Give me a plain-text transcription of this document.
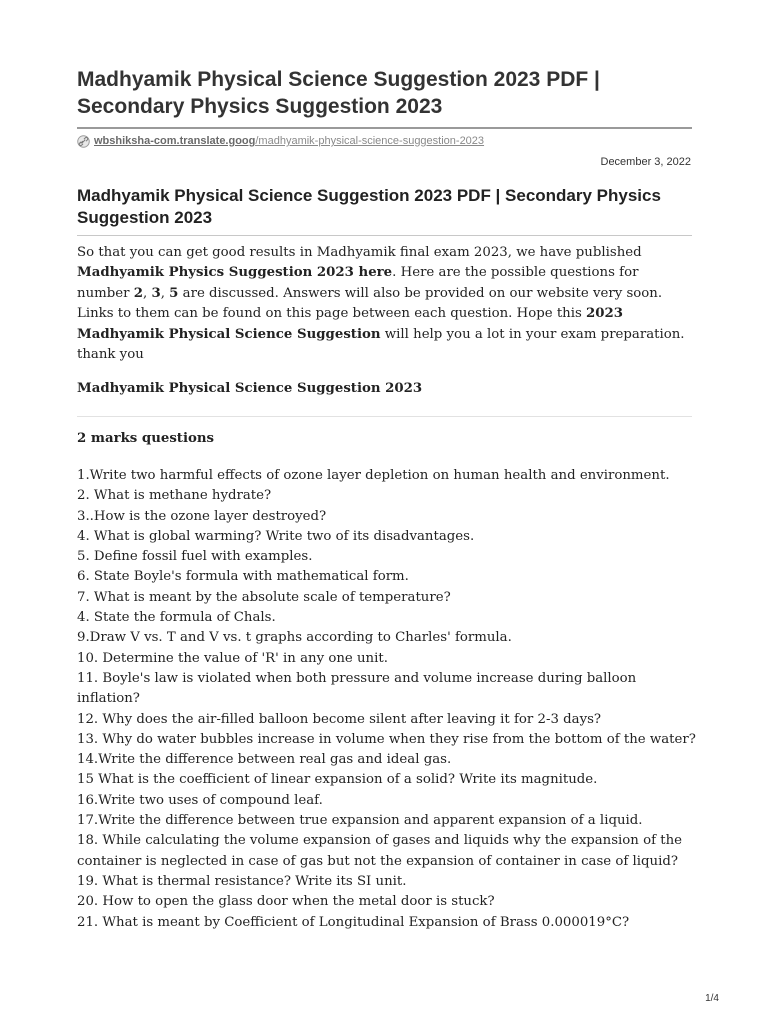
Madhyamik Physical Science Suggestion 2023 PDF | Secondary Physics Suggestion 2023
wbshiksha-com.translate.goog /madhyamik-physical-science-suggestion-2023
December 3, 2022
Madhyamik Physical Science Suggestion 2023 PDF | Secondary Physics Suggestion 2023

So that you can get good results in Madhyamik final exam 2023, we have published Madhyamik Physics Suggestion 2023 here. Here are the possible questions for number 2, 3, 5 are discussed. Answers will also be provided on our website very soon. Links to them can be found on this page between each question. Hope this 2023 Madhyamik Physical Science Suggestion will help you a lot in your exam preparation. thank you

Madhyamik Physical Science Suggestion 2023
2 marks questions
1.Write two harmful effects of ozone layer depletion on human health and environment.
2. What is methane hydrate?
3..How is the ozone layer destroyed?
4. What is global warming? Write two of its disadvantages.
5. Define fossil fuel with examples.
6. State Boyle's formula with mathematical form.
7. What is meant by the absolute scale of temperature?
4. State the formula of Chals.
9.Draw V vs. T and V vs. t graphs according to Charles' formula.
10. Determine the value of 'R' in any one unit.
11. Boyle's law is violated when both pressure and volume increase during balloon inflation?
12. Why does the air-filled balloon become silent after leaving it for 2-3 days?
13. Why do water bubbles increase in volume when they rise from the bottom of the water?
14.Write the difference between real gas and ideal gas.
15 What is the coefficient of linear expansion of a solid? Write its magnitude.
16.Write two uses of compound leaf.
17.Write the difference between true expansion and apparent expansion of a liquid.
18. While calculating the volume expansion of gases and liquids why the expansion of the container is neglected in case of gas but not the expansion of container in case of liquid?
19. What is thermal resistance? Write its SI unit.
20. How to open the glass door when the metal door is stuck?
21. What is meant by Coefficient of Longitudinal Expansion of Brass 0.000019°C?
1/4
